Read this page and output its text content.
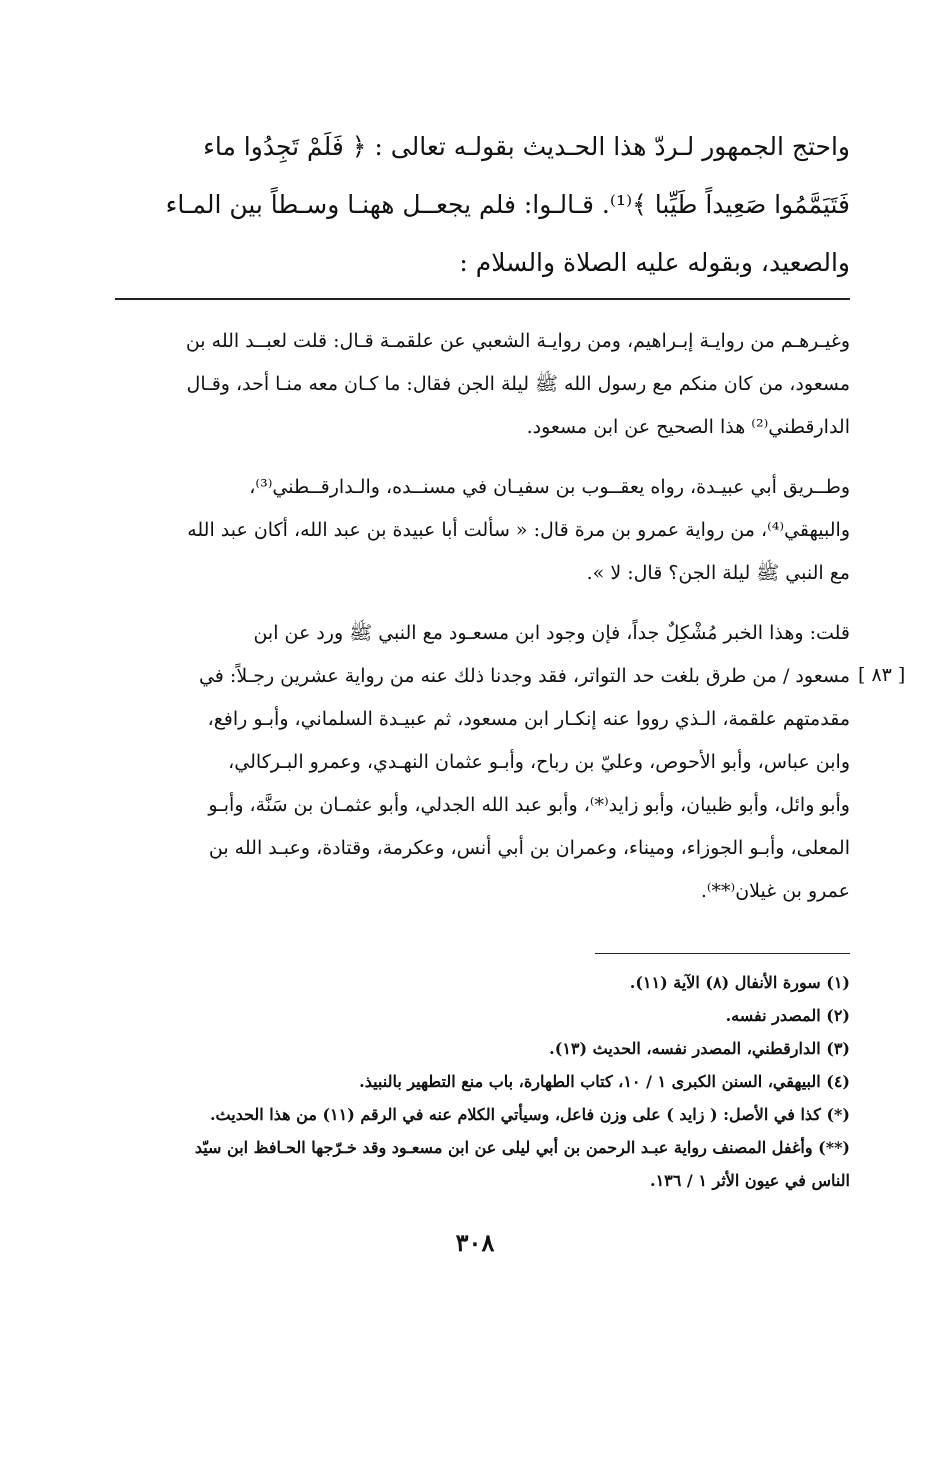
واحتج الجمهور لـردّ هذا الحـديث بقولـه تعالى : ﴿ فَلَمْ تَجِدُوا ماء
فَتَيَمَّمُوا صَعِيداً طَيِّبا ﴾⁽¹⁾. قـالـوا: فلم يجعــل ههنـا وسـطاً بين المـاء
والصعيد، وبقوله عليه الصلاة والسلام :
وغيـرهـم من روايـة إبـراهيم، ومن روايـة الشعبي عن علقمـة قـال: قلت لعبــد الله بن
مسعود، من كان منكم مع رسول الله ﷺ ليلة الجن فقال: ما كـان معه منـا أحد، وقـال
الدارقطني⁽²⁾ هذا الصحيح عن ابن مسعود.
وطــريق أبي عبيـدة، رواه يعقــوب بن سفيـان في مسنــده، والـدارقــطني⁽³⁾،
والبيهقي⁽⁴⁾، من رواية عمرو بن مرة قال: « سألت أبا عبيدة بن عبد الله، أكان عبد الله
مع النبي ﷺ ليلة الجن؟ قال: لا ».
قلت: وهذا الخبر مُشْكِلٌ جداً، فإن وجود ابن مسعـود مع النبي ﷺ ورد عن ابن
مسعود / من طرق بلغت حد التواتر، فقد وجدنا ذلك عنه من رواية عشرين رجـلاً: في
مقدمتهم علقمة، الـذي رووا عنه إنكـار ابن مسعود، ثم عبيـدة السلماني، وأبـو رافع،
وابن عباس، وأبو الأحوص، وعليّ بن رباح، وأبـو عثمان النهـدي، وعمرو البـركالي،
وأبو وائل، وأبو ظبيان، وأبو زايد⁽*⁾، وأبو عبد الله الجدلي، وأبو عثمـان بن سَنَّة، وأبـو
المعلى، وأبـو الجوزاء، وميناء، وعمران بن أبي أنس، وعكرمة، وقتادة، وعبـد الله بن
عمرو بن غيلان⁽**⁾.
[ ٨٣ ]
(١) سورة الأنفال (٨) الآية (١١).
(٢) المصدر نفسه.
(٣) الدارقطني، المصدر نفسه، الحديث (١٣).
(٤) البيهقي، السنن الكبرى ١ / ١٠، كتاب الطهارة، باب منع التطهير بالنبيذ.
(*) كذا في الأصل: ( زايد ) على وزن فاعل، وسيأتي الكلام عنه في الرقم (١١) من هذا الحديث.
(**) وأغفل المصنف رواية عبـد الرحمن بن أبي ليلى عن ابن مسعـود وقد خـرّجها الحـافظ ابن سيّد
الناس في عيون الأثر ١ / ١٣٦.
٣٠٨
